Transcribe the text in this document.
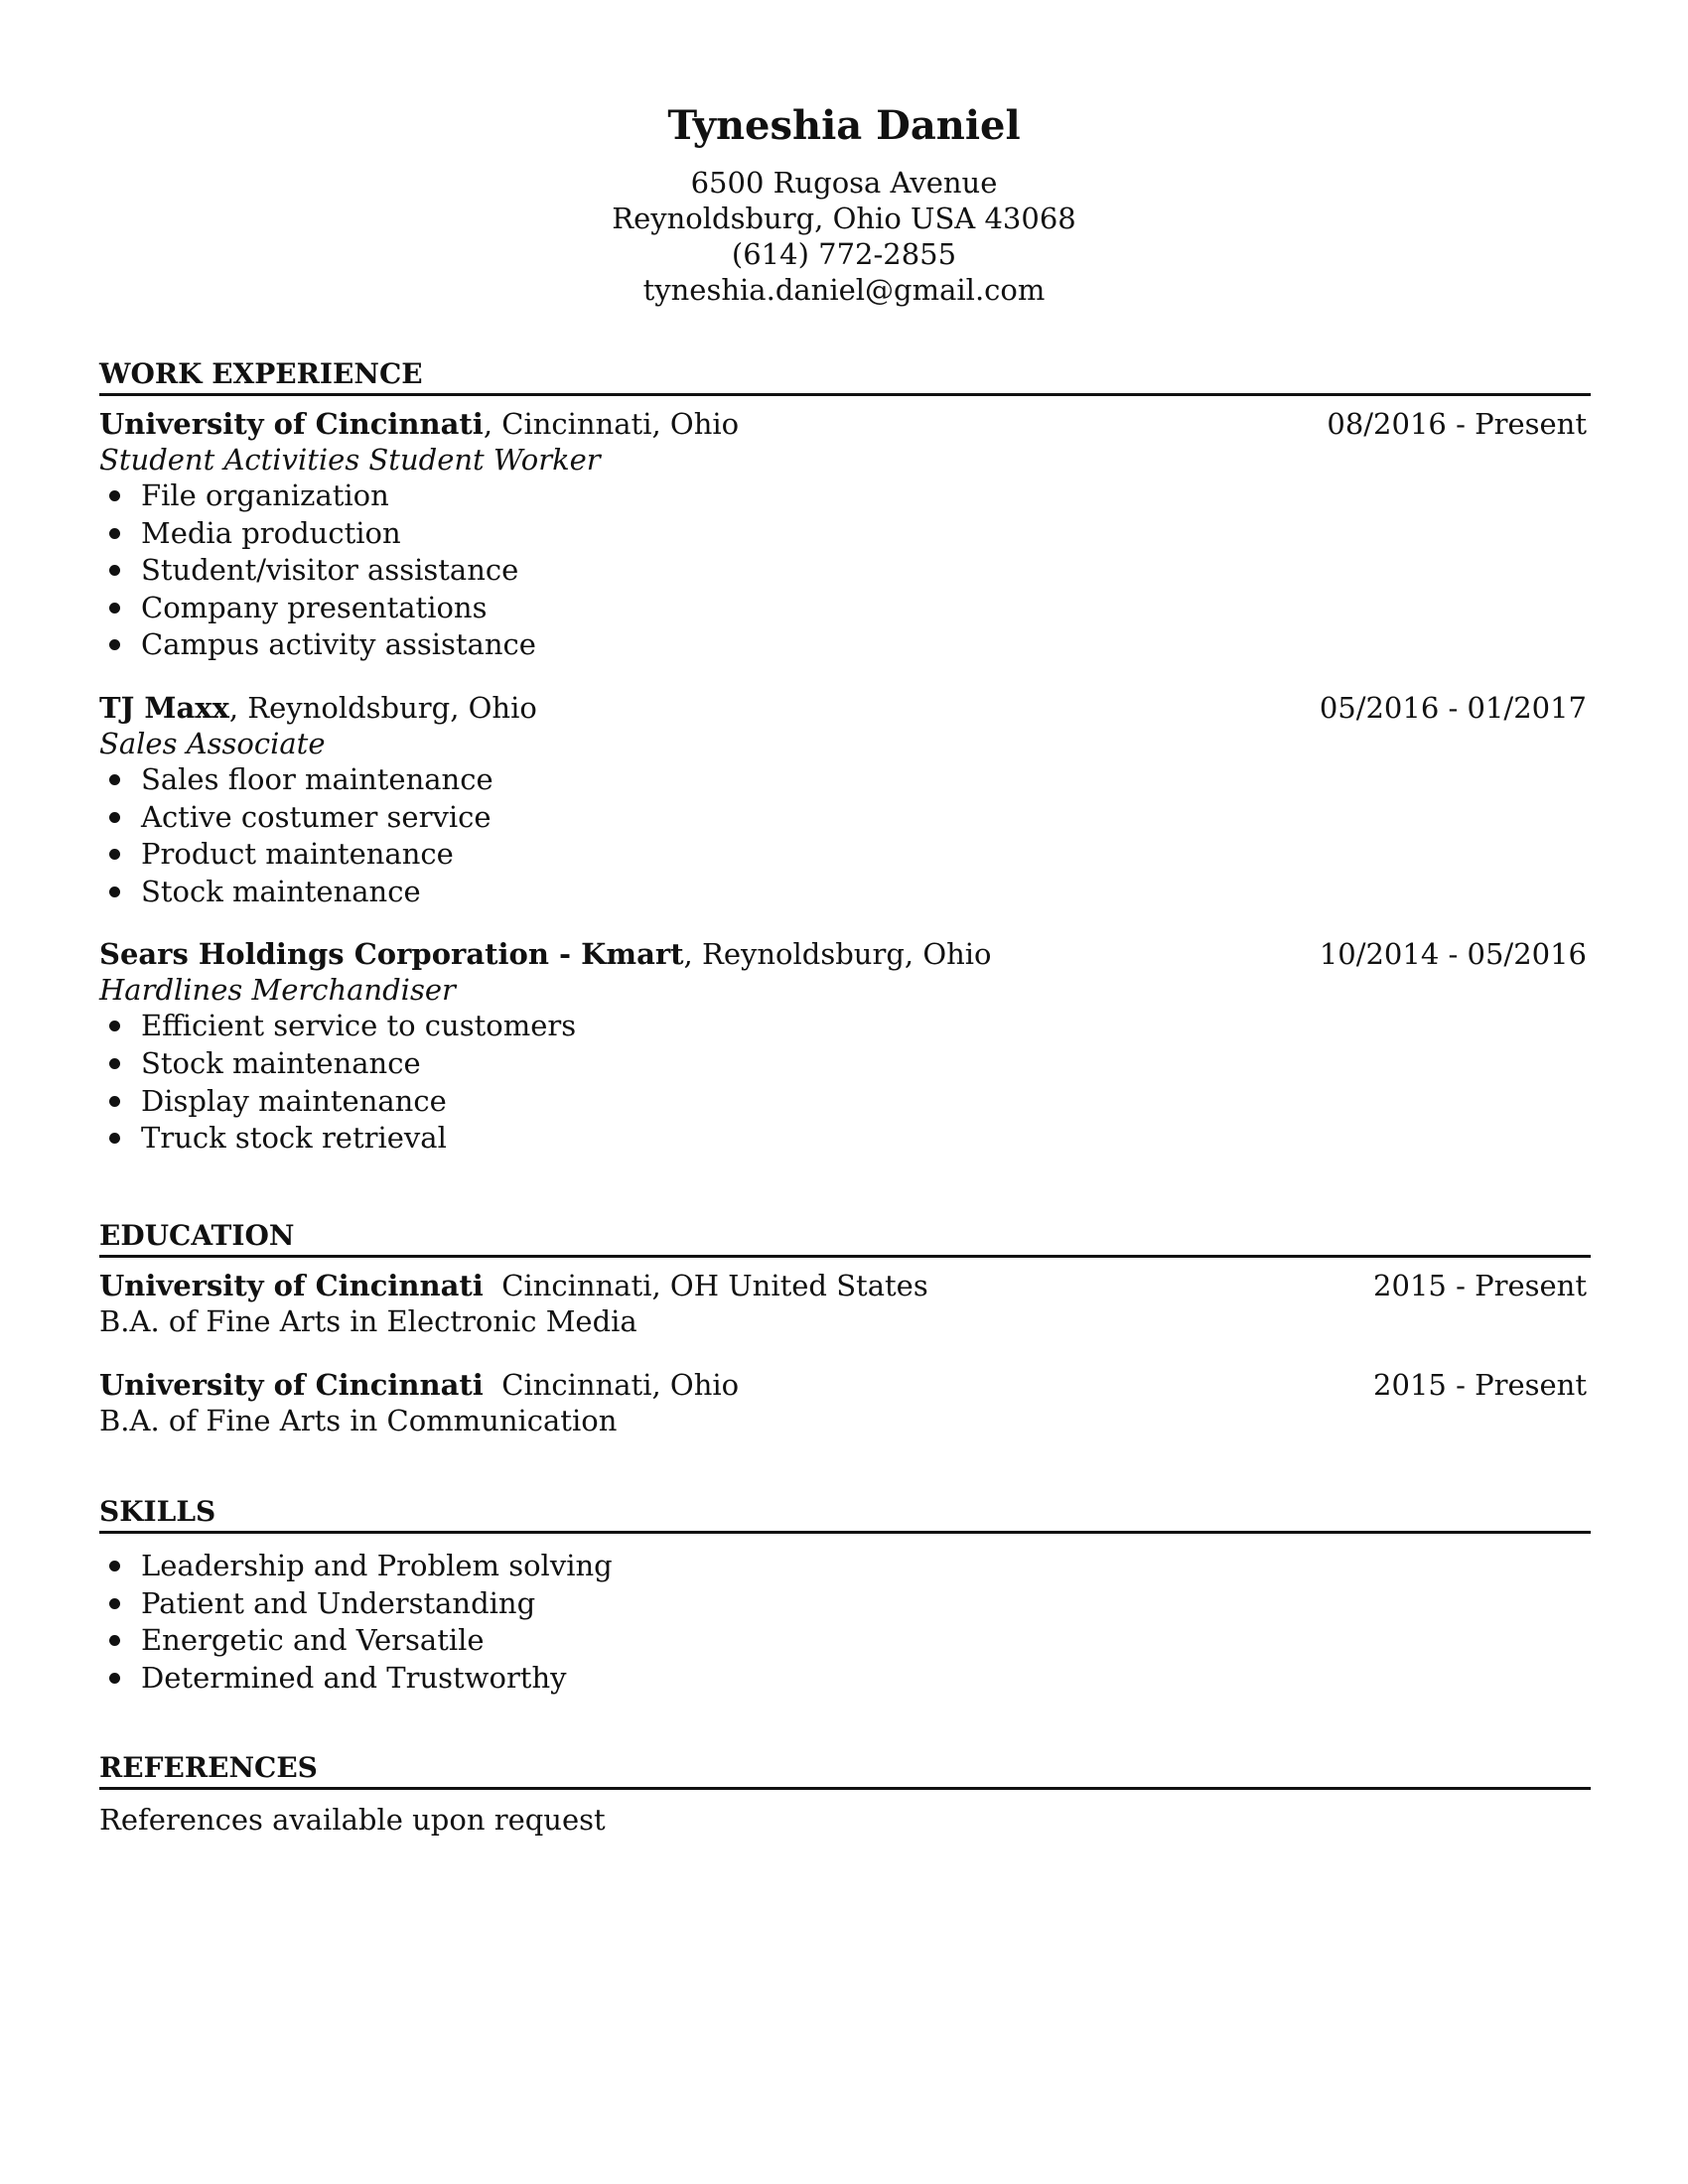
Tyneshia Daniel
6500 Rugosa Avenue
Reynoldsburg, Ohio USA 43068
(614) 772-2855
tyneshia.daniel@gmail.com
WORK EXPERIENCE
University of Cincinnati, Cincinnati, Ohio	08/2016 - Present
Student Activities Student Worker
File organization
Media production
Student/visitor assistance
Company presentations
Campus activity assistance
TJ Maxx, Reynoldsburg, Ohio	05/2016 - 01/2017
Sales Associate
Sales floor maintenance
Active costumer service
Product maintenance
Stock maintenance
Sears Holdings Corporation - Kmart, Reynoldsburg, Ohio	10/2014 - 05/2016
Hardlines Merchandiser
Efficient service to customers
Stock maintenance
Display maintenance
Truck stock retrieval
EDUCATION
University of Cincinnati  Cincinnati, OH United States	2015 - Present
B.A. of Fine Arts in Electronic Media
University of Cincinnati  Cincinnati, Ohio	2015 - Present
B.A. of Fine Arts in Communication
SKILLS
Leadership and Problem solving
Patient and Understanding
Energetic and Versatile
Determined and Trustworthy
REFERENCES
References available upon request
